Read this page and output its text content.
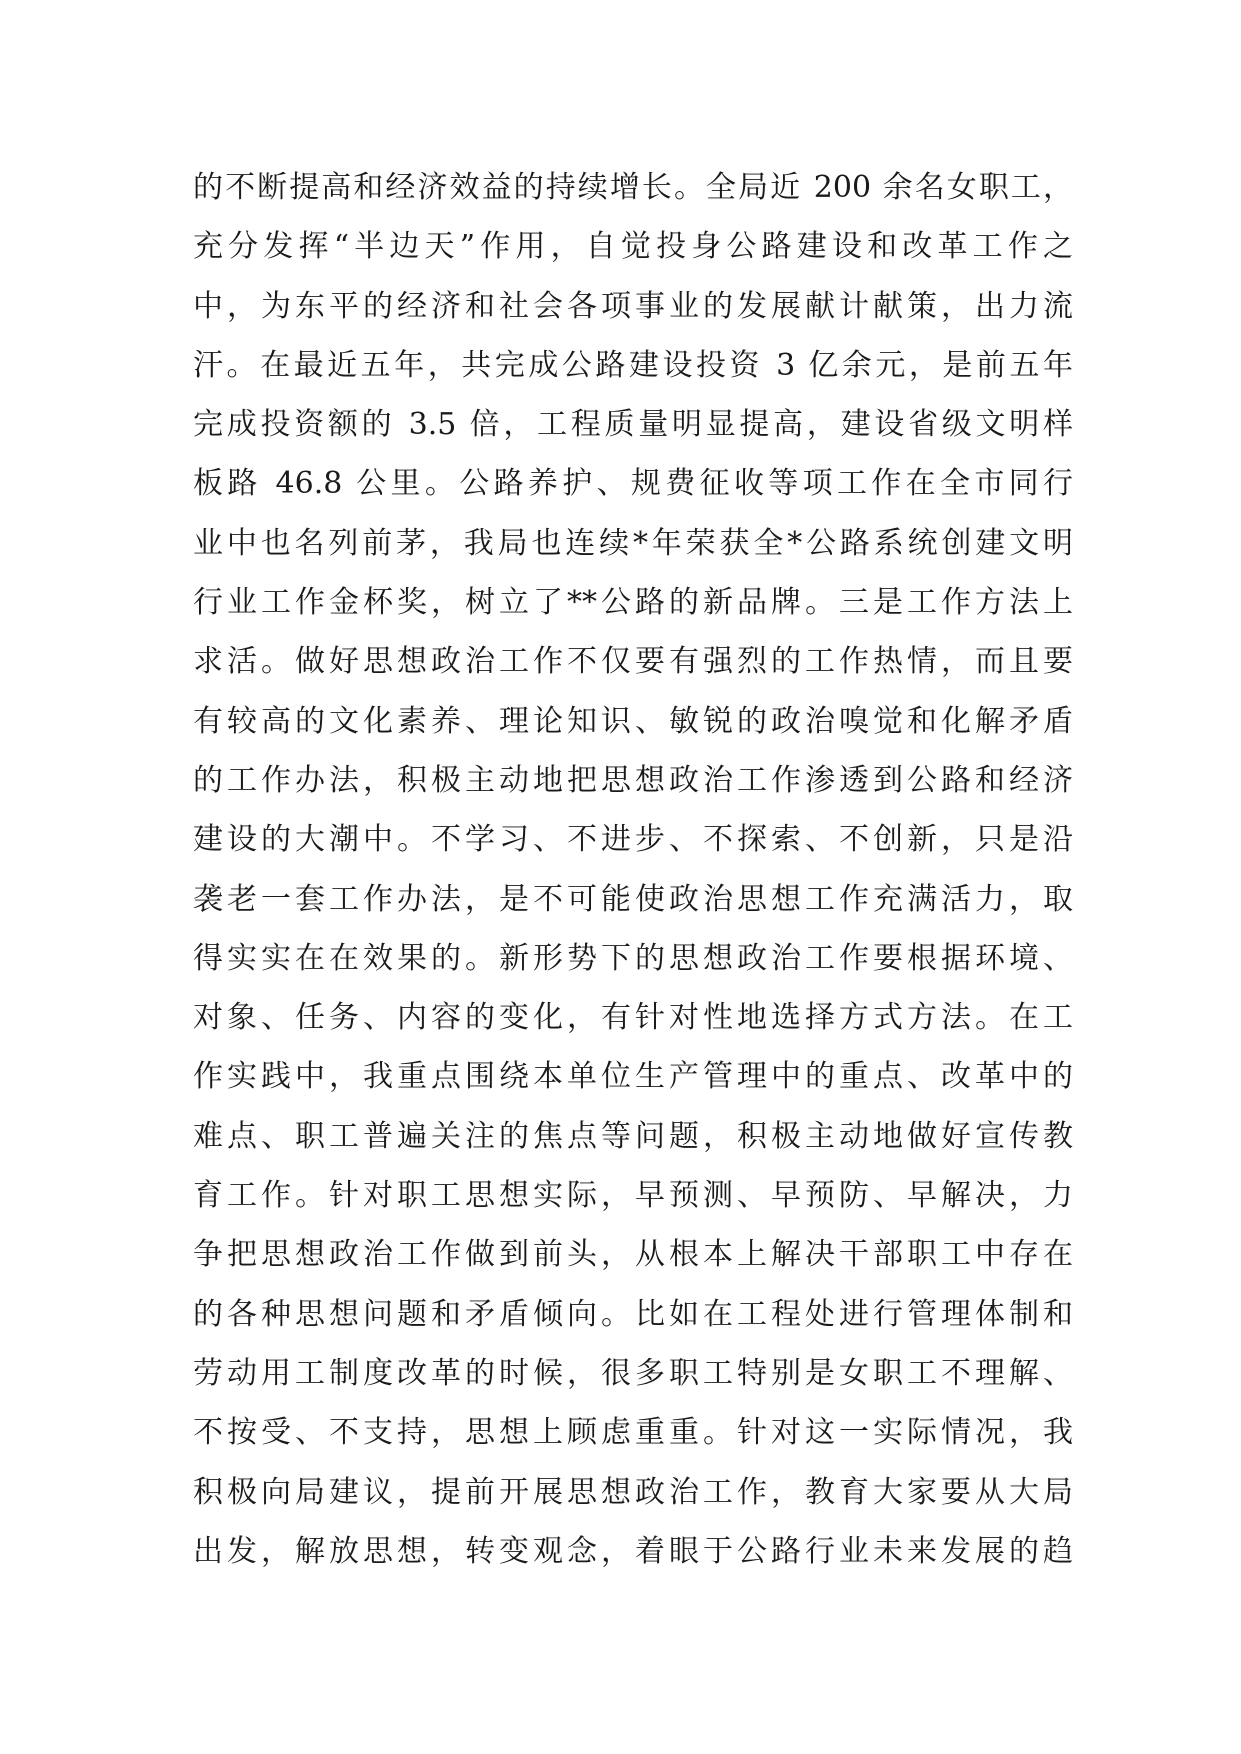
的不断提高和经济效益的持续增长。全局近 200 余名女职工，
充分发挥“半边天”作用，自觉投身公路建设和改革工作之
中，为东平的经济和社会各项事业的发展献计献策，出力流
汗。在最近五年，共完成公路建设投资 3 亿余元，是前五年
完成投资额的 3.5 倍，工程质量明显提高，建设省级文明样
板路 46.8 公里。公路养护、规费征收等项工作在全市同行
业中也名列前茅，我局也连续*年荣获全*公路系统创建文明
行业工作金杯奖，树立了**公路的新品牌。三是工作方法上
求活。做好思想政治工作不仅要有强烈的工作热情，而且要
有较高的文化素养、理论知识、敏锐的政治嗅觉和化解矛盾
的工作办法，积极主动地把思想政治工作渗透到公路和经济
建设的大潮中。不学习、不进步、不探索、不创新，只是沿
袭老一套工作办法，是不可能使政治思想工作充满活力，取
得实实在在效果的。新形势下的思想政治工作要根据环境、
对象、任务、内容的变化，有针对性地选择方式方法。在工
作实践中，我重点围绕本单位生产管理中的重点、改革中的
难点、职工普遍关注的焦点等问题，积极主动地做好宣传教
育工作。针对职工思想实际，早预测、早预防、早解决，力
争把思想政治工作做到前头，从根本上解决干部职工中存在
的各种思想问题和矛盾倾向。比如在工程处进行管理体制和
劳动用工制度改革的时候，很多职工特别是女职工不理解、
不按受、不支持，思想上顾虑重重。针对这一实际情况，我
积极向局建议，提前开展思想政治工作，教育大家要从大局
出发，解放思想，转变观念，着眼于公路行业未来发展的趋
